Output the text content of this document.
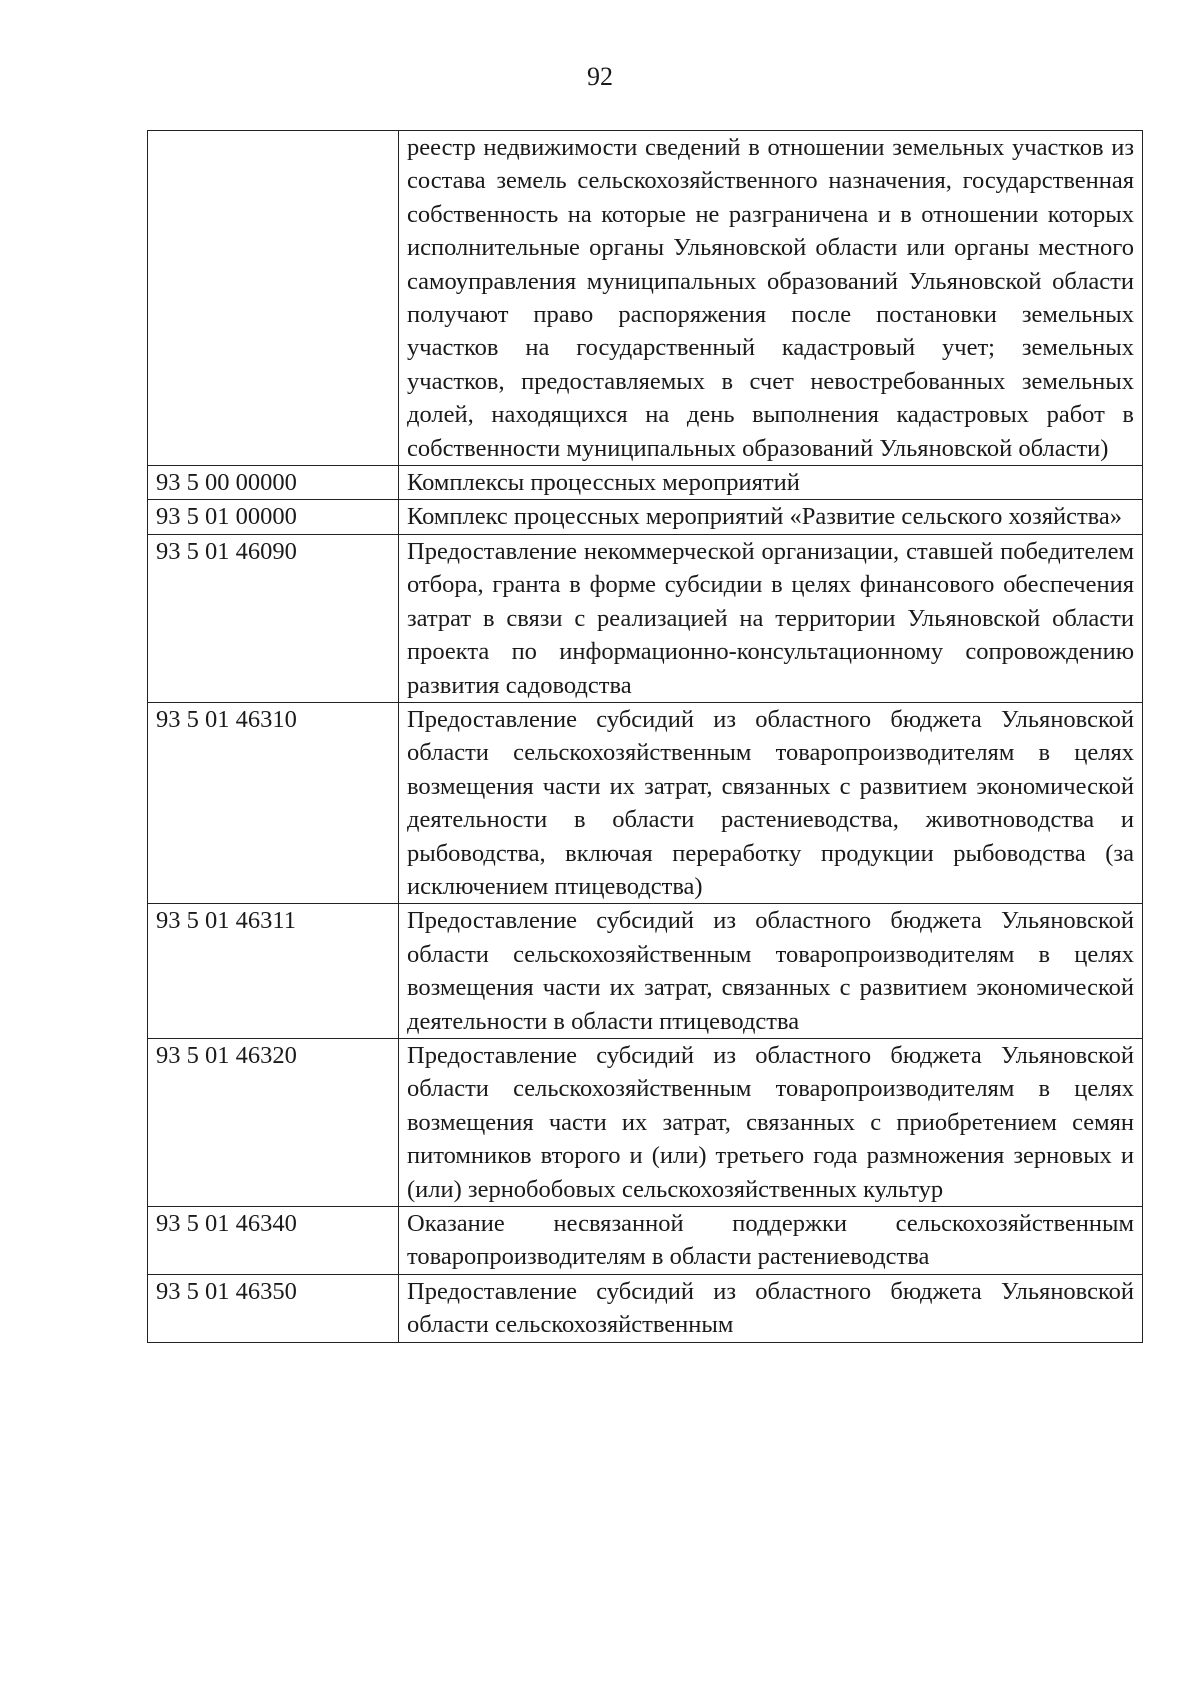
92
	реестр недвижимости сведений в отношении земельных участков из состава земель сельскохозяйственного назначения, государственная собственность на которые не разграничена и в отношении которых исполнительные органы Ульяновской области или органы местного самоуправления муниципальных образований Ульяновской области получают право распоряжения после постановки земельных участков на государственный кадастровый учет; земельных участков, предоставляемых в счет невостребованных земельных долей, находящихся на день выполнения кадастровых работ в собственности муниципальных образований Ульяновской области)
93 5 00 00000	Комплексы процессных мероприятий
93 5 01 00000	Комплекс процессных мероприятий «Развитие сельского хозяйства»
93 5 01 46090	Предоставление некоммерческой организации, ставшей победителем отбора, гранта в форме субсидии в целях финансового обеспечения затрат в связи с реализацией на территории Ульяновской области проекта по информационно-консультационному сопровождению развития садоводства
93 5 01 46310	Предоставление субсидий из областного бюджета Ульяновской области сельскохозяйственным товаропроизводителям в целях возмещения части их затрат, связанных с развитием экономической деятельности в области растениеводства, животноводства и рыбоводства, включая переработку продукции рыбоводства (за исключением птицеводства)
93 5 01 46311	Предоставление субсидий из областного бюджета Ульяновской области сельскохозяйственным товаропроизводителям в целях возмещения части их затрат, связанных с развитием экономической деятельности в области птицеводства
93 5 01 46320	Предоставление субсидий из областного бюджета Ульяновской области сельскохозяйственным товаропроизводителям в целях возмещения части их затрат, связанных с приобретением семян питомников второго и (или) третьего года размножения зерновых и (или) зернобобовых сельскохозяйственных культур
93 5 01 46340	Оказание несвязанной поддержки сельскохозяйственным товаропроизводителям в области растениеводства
93 5 01 46350	Предоставление субсидий из областного бюджета Ульяновской области сельскохозяйственным
